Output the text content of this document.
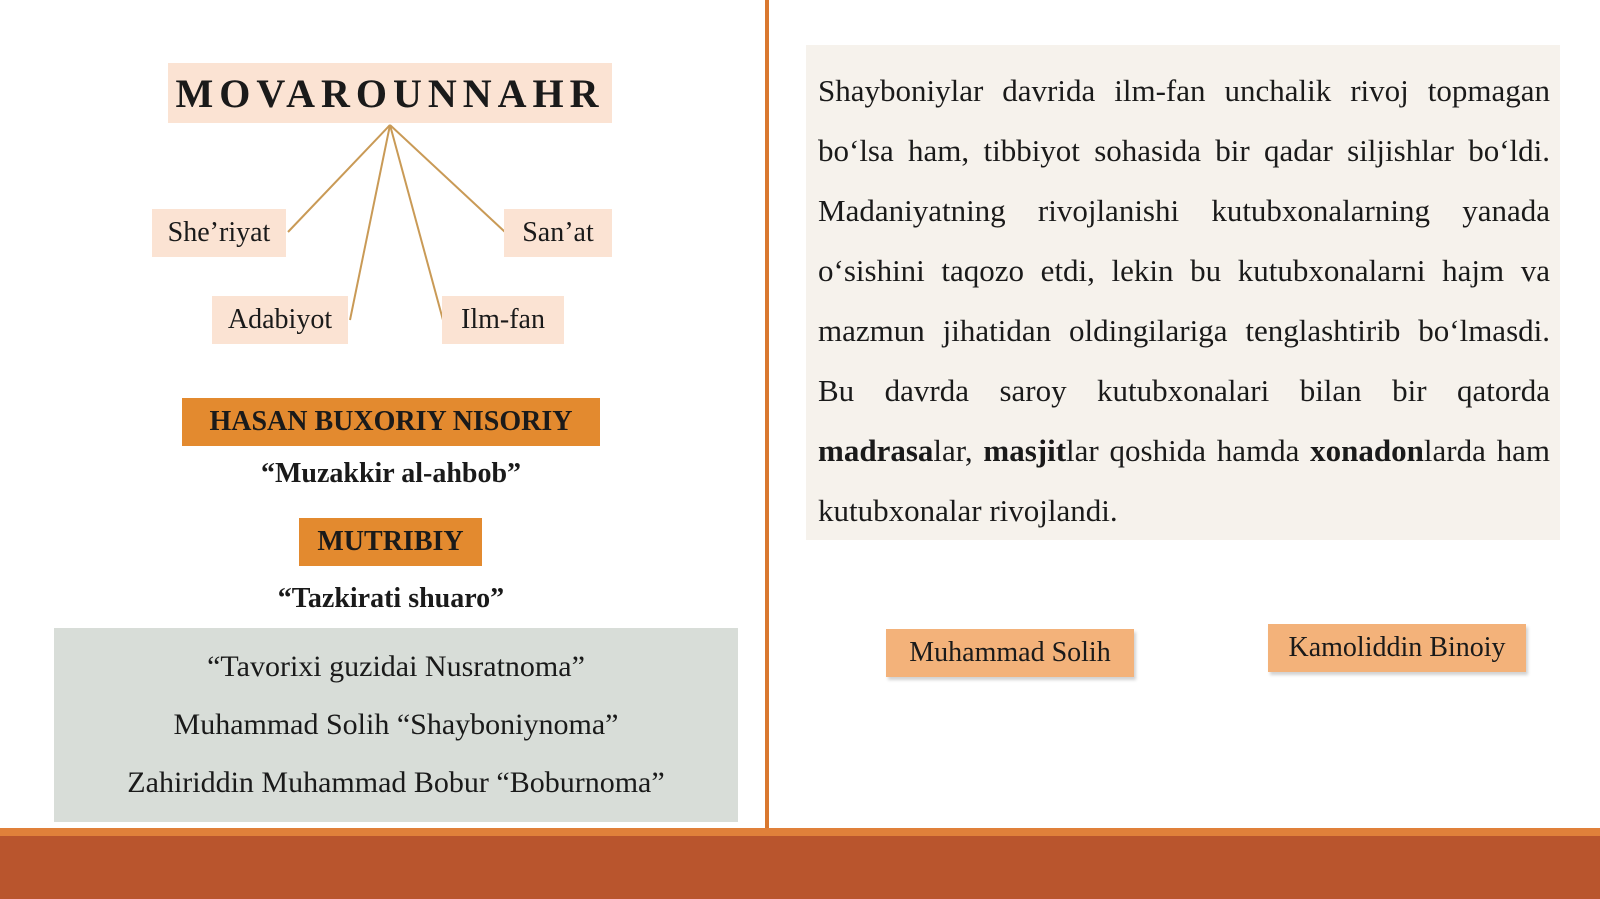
MOVAROUNNAHR
She’riyat	San’at
Adabiyot	Ilm-fan
HASAN BUXORIY NISORIY
“Muzakkir al-ahbob”
MUTRIBIY
“Tazkirati shuaro”
“Tavorixi guzidai Nusratnoma”
Muhammad Solih “Shayboniynoma”
Zahiriddin Muhammad Bobur “Boburnoma”
Shayboniylar davrida ilm-fan unchalik rivoj topmagan bo‘lsa ham, tibbiyot sohasida bir qadar siljishlar bo‘ldi. Madaniyatning rivojlanishi kutubxonalarning yanada o‘sishini taqozo etdi, lekin bu kutubxonalarni hajm va mazmun jihatidan oldingilariga tenglashtirib bo‘lmasdi. Bu davrda saroy kutubxonalari bilan bir qatorda madrasalar, masjitlar qoshida hamda xonadonlarda ham kutubxonalar rivojlandi.
Muhammad Solih	Kamoliddin Binoiy
